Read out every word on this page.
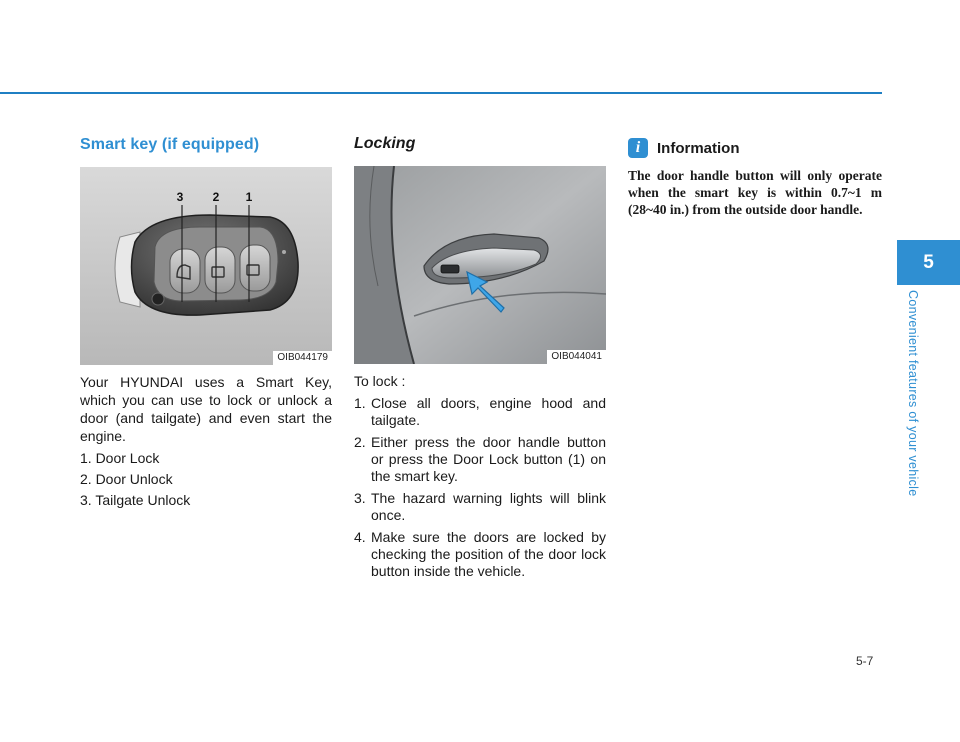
Smart key (if equipped)
3 2 1
OIB044179

Your HYUNDAI uses a Smart Key, which you can use to lock or unlock a door (and tailgate) and even start the engine.

1. Door Lock
2. Door Unlock
3. Tailgate Unlock
Locking
OIB044041

To lock :

1. Close all doors, engine hood and tailgate.
2. Either press the door handle button or press the Door Lock button (1) on the smart key.
3. The hazard warning lights will blink once.
4. Make sure the doors are locked by checking the position of the door lock button inside the vehicle.
i	Information

The door handle button will only operate when the smart key is within 0.7~1 m (28~40 in.) from the outside door handle.

5
Convenient features of your vehicle
5-7
